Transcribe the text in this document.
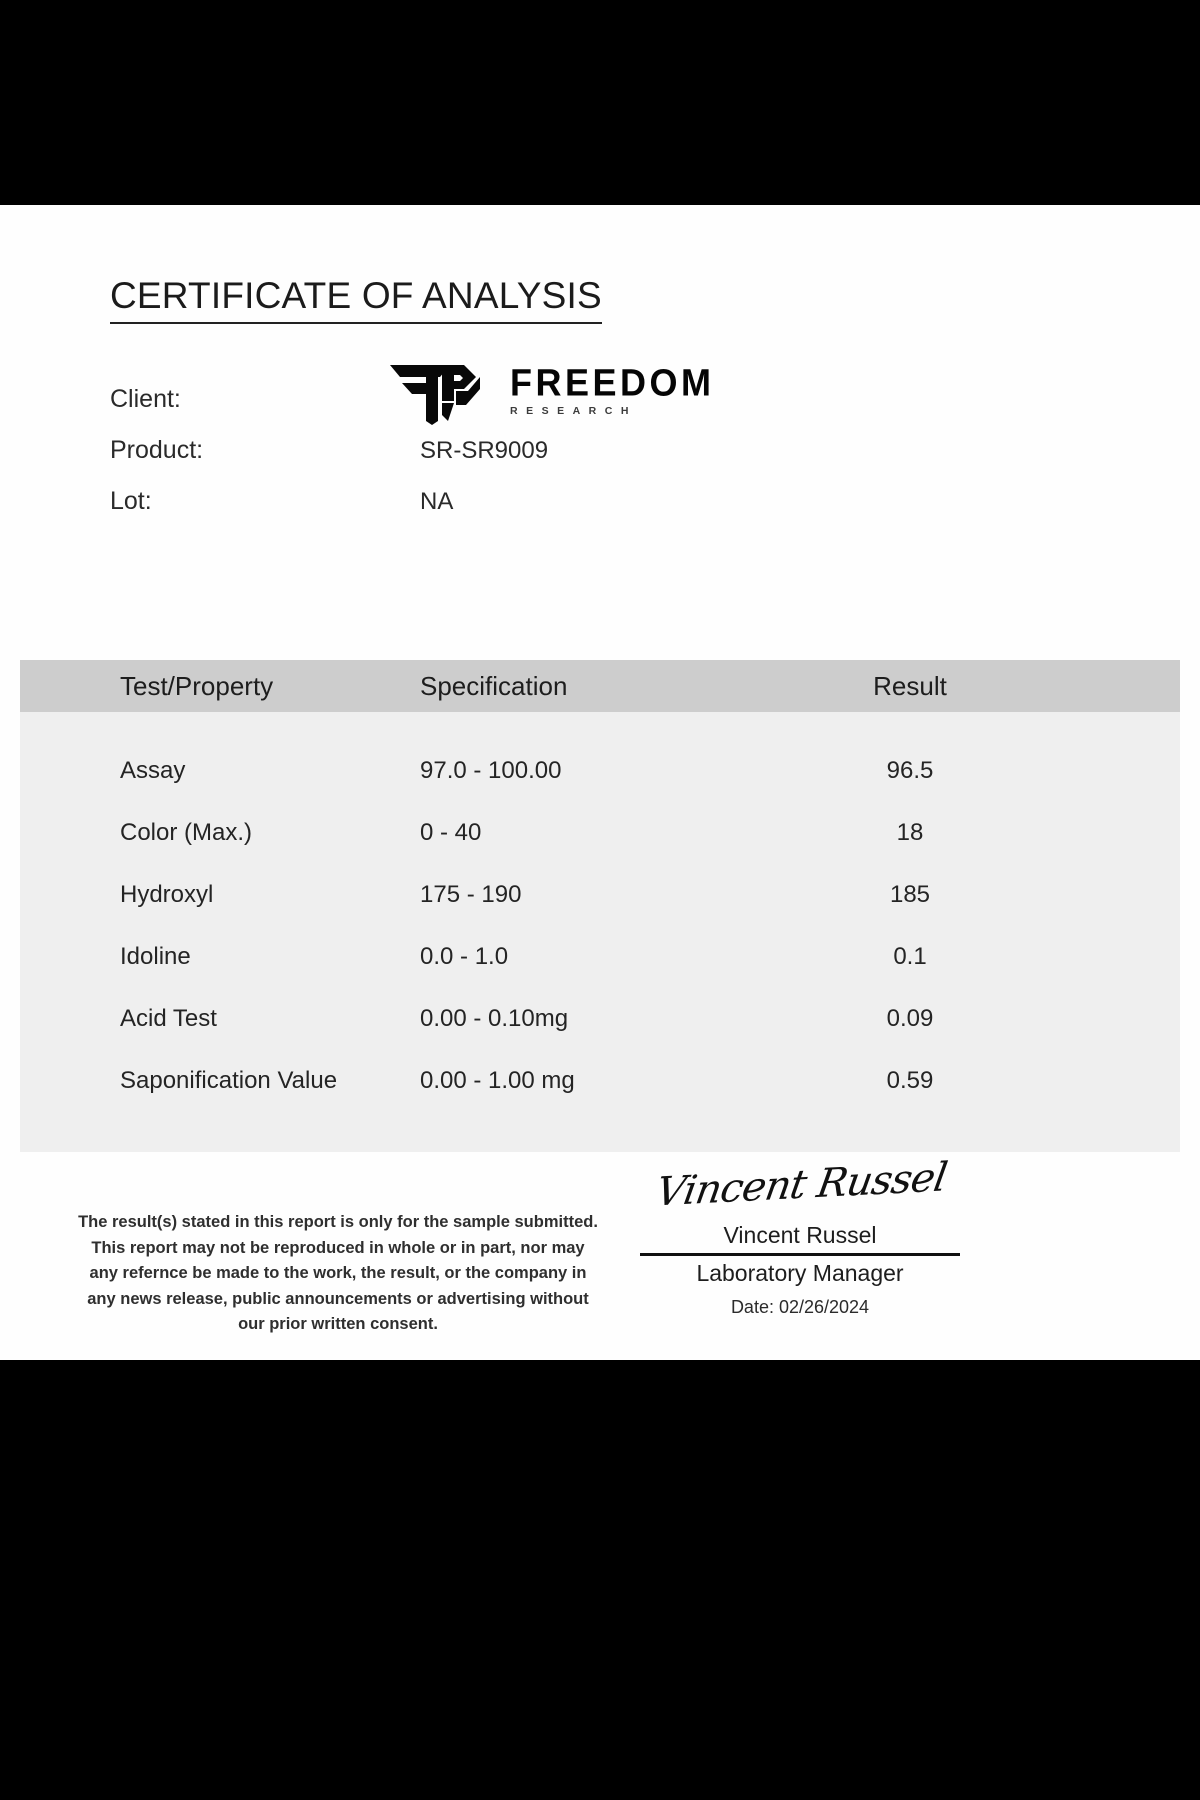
CERTIFICATE OF ANALYSIS
FREEDOM
RESEARCH
Client:
Product:	SR-SR9009
Lot:	NA
Test/Property	Specification	Result
Assay	97.0 - 100.00	96.5
Color (Max.)	0 - 40	18
Hydroxyl	175 - 190	185
Idoline	0.0 - 1.0	0.1
Acid Test	0.00 - 0.10mg	0.09
Saponification Value	0.00 - 1.00 mg	0.59
The result(s) stated in this report is only for the sample submitted. This report may not be reproduced in whole or in part, nor may any refernce be made to the work, the result, or the company in any news release, public announcements or advertising without our prior written consent.
Vincent Russel
Vincent Russel
Laboratory Manager
Date: 02/26/2024
